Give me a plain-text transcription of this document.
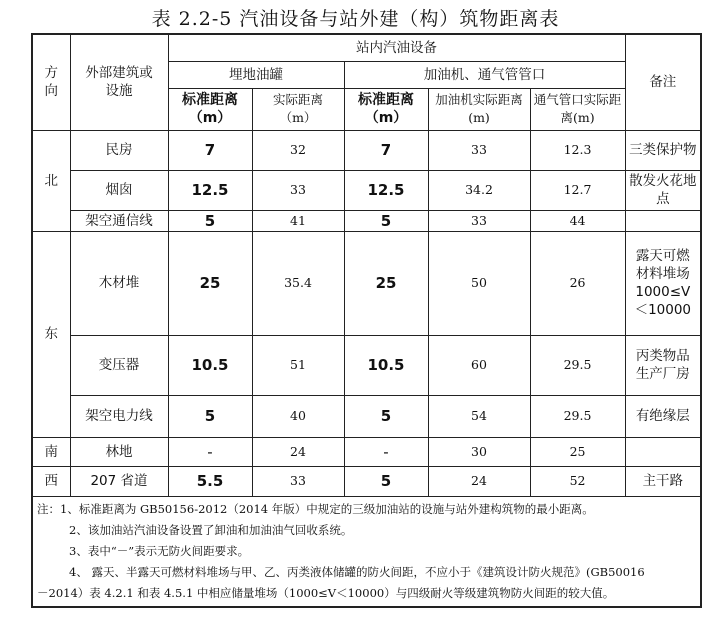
表 2.2-5 汽油设备与站外建（构）筑物距离表
方向	外部建筑或设施	站内汽油设备					备注
		埋地油罐		加油机、通气管管口			
		标准距离（m）	实际距离（m）	标准距离（m）	加油机实际距离(m)	通气管口实际距离(m)	
北	民房	7	32	7	33	12.3	三类保护物
	烟囱	12.5	33	12.5	34.2	12.7	散发火花地点
	架空通信线	5	41	5	33	44	
东	木材堆	25	35.4	25	50	26	露天可燃材料堆场1000≤V＜10000
	变压器	10.5	51	10.5	60	29.5	丙类物品生产厂房
	架空电力线	5	40	5	54	29.5	有绝缘层
南	林地	-	24	-	30	25	
西	207 省道	5.5	33	5	24	52	主干路

注：1、标准距离为 GB50156-2012（2014 年版）中规定的三级加油站的设施与站外建构筑物的最小距离。
2、该加油站汽油设备设置了卸油和加油油气回收系统。
3、表中“－”表示无防火间距要求。
4、 露天、半露天可燃材料堆场与甲、乙、丙类液体储罐的防火间距，不应小于《建筑设计防火规范》(GB50016
－2014）表 4.2.1 和表 4.5.1 中相应储量堆场（1000≤V＜10000）与四级耐火等级建筑物防火间距的较大值。							
